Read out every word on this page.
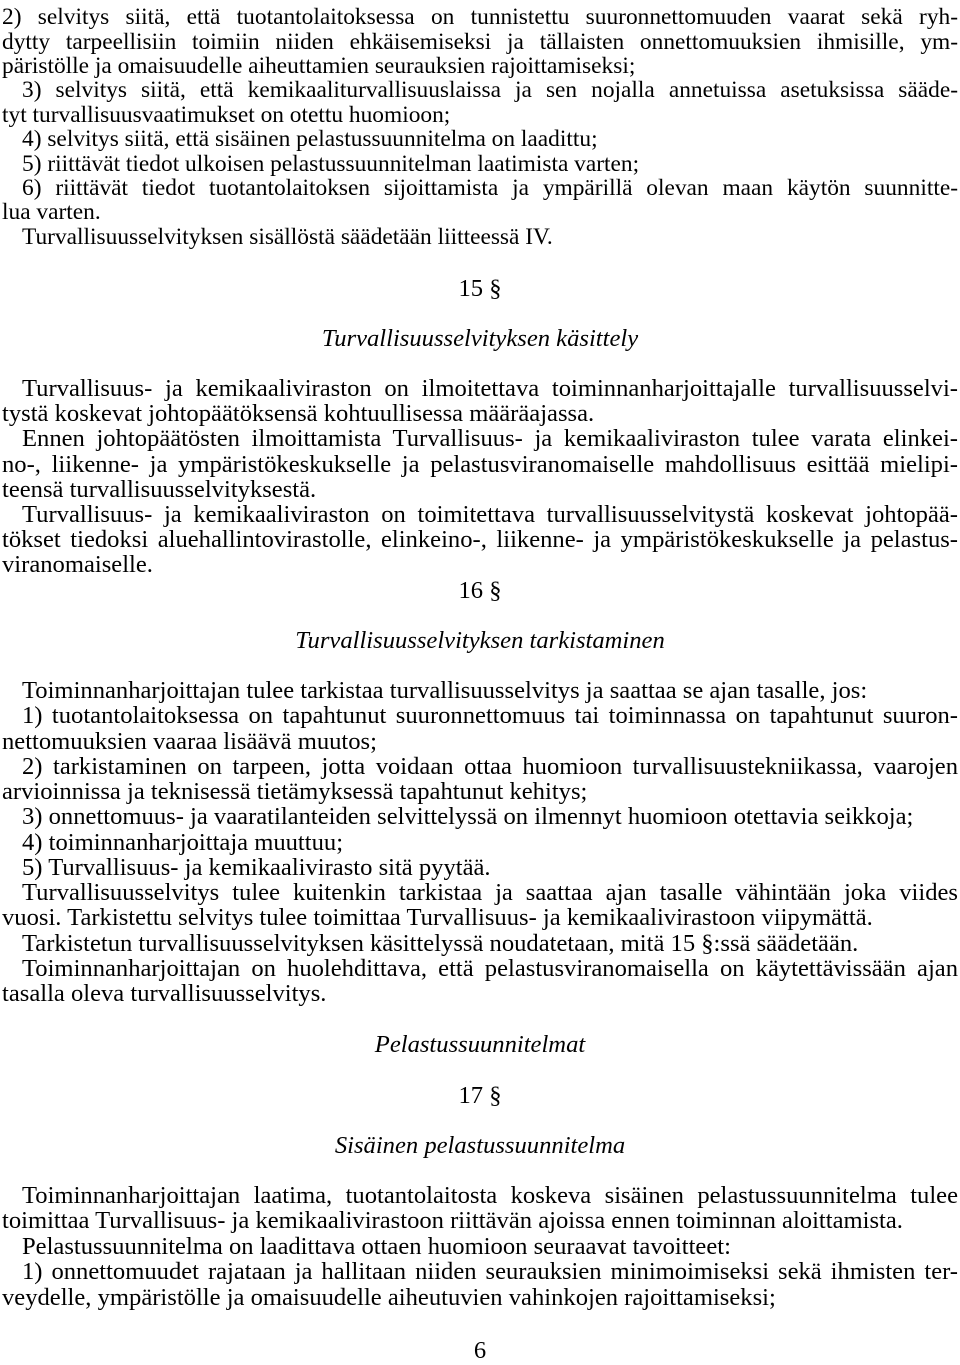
2) selvitys siitä, että tuotantolaitoksessa on tunnistettu suuronnettomuuden vaarat sekä ryh-
dytty tarpeellisiin toimiin niiden ehkäisemiseksi ja tällaisten onnettomuuksien ihmisille, ym-
päristölle ja omaisuudelle aiheuttamien seurauksien rajoittamiseksi;
3) selvitys siitä, että kemikaaliturvallisuuslaissa ja sen nojalla annetuissa asetuksissa sääde-
tyt turvallisuusvaatimukset on otettu huomioon;
4) selvitys siitä, että sisäinen pelastussuunnitelma on laadittu;
5) riittävät tiedot ulkoisen pelastussuunnitelman laatimista varten;
6) riittävät tiedot tuotantolaitoksen sijoittamista ja ympärillä olevan maan käytön suunnitte-
lua varten.
Turvallisuusselvityksen sisällöstä säädetään liitteessä IV.
15 §
Turvallisuusselvityksen käsittely
Turvallisuus- ja kemikaaliviraston on ilmoitettava toiminnanharjoittajalle turvallisuusselvi-
tystä koskevat johtopäätöksensä kohtuullisessa määräajassa.
Ennen johtopäätösten ilmoittamista Turvallisuus- ja kemikaaliviraston tulee varata elinkei-
no-, liikenne- ja ympäristökeskukselle ja pelastusviranomaiselle mahdollisuus esittää mielipi-
teensä turvallisuusselvityksestä.
Turvallisuus- ja kemikaaliviraston on toimitettava turvallisuusselvitystä koskevat johtopää-
tökset tiedoksi aluehallintovirastolle, elinkeino-, liikenne- ja ympäristökeskukselle ja pelastus-
viranomaiselle.
16 §
Turvallisuusselvityksen tarkistaminen
Toiminnanharjoittajan tulee tarkistaa turvallisuusselvitys ja saattaa se ajan tasalle, jos:
1) tuotantolaitoksessa on tapahtunut suuronnettomuus tai toiminnassa on tapahtunut suuron-
nettomuuksien vaaraa lisäävä muutos;
2) tarkistaminen on tarpeen, jotta voidaan ottaa huomioon turvallisuustekniikassa, vaarojen
arvioinnissa ja teknisessä tietämyksessä tapahtunut kehitys;
3) onnettomuus- ja vaaratilanteiden selvittelyssä on ilmennyt huomioon otettavia seikkoja;
4) toiminnanharjoittaja muuttuu;
5) Turvallisuus- ja kemikaalivirasto sitä pyytää.
Turvallisuusselvitys tulee kuitenkin tarkistaa ja saattaa ajan tasalle vähintään joka viides
vuosi. Tarkistettu selvitys tulee toimittaa Turvallisuus- ja kemikaalivirastoon viipymättä.
Tarkistetun turvallisuusselvityksen käsittelyssä noudatetaan, mitä 15 §:ssä säädetään.
Toiminnanharjoittajan on huolehdittava, että pelastusviranomaisella on käytettävissään ajan
tasalla oleva turvallisuusselvitys.
Pelastussuunnitelmat
17 §
Sisäinen pelastussuunnitelma
Toiminnanharjoittajan laatima, tuotantolaitosta koskeva sisäinen pelastussuunnitelma tulee
toimittaa Turvallisuus- ja kemikaalivirastoon riittävän ajoissa ennen toiminnan aloittamista.
Pelastussuunnitelma on laadittava ottaen huomioon seuraavat tavoitteet:
1) onnettomuudet rajataan ja hallitaan niiden seurauksien minimoimiseksi sekä ihmisten ter-
veydelle, ympäristölle ja omaisuudelle aiheutuvien vahinkojen rajoittamiseksi;
6
